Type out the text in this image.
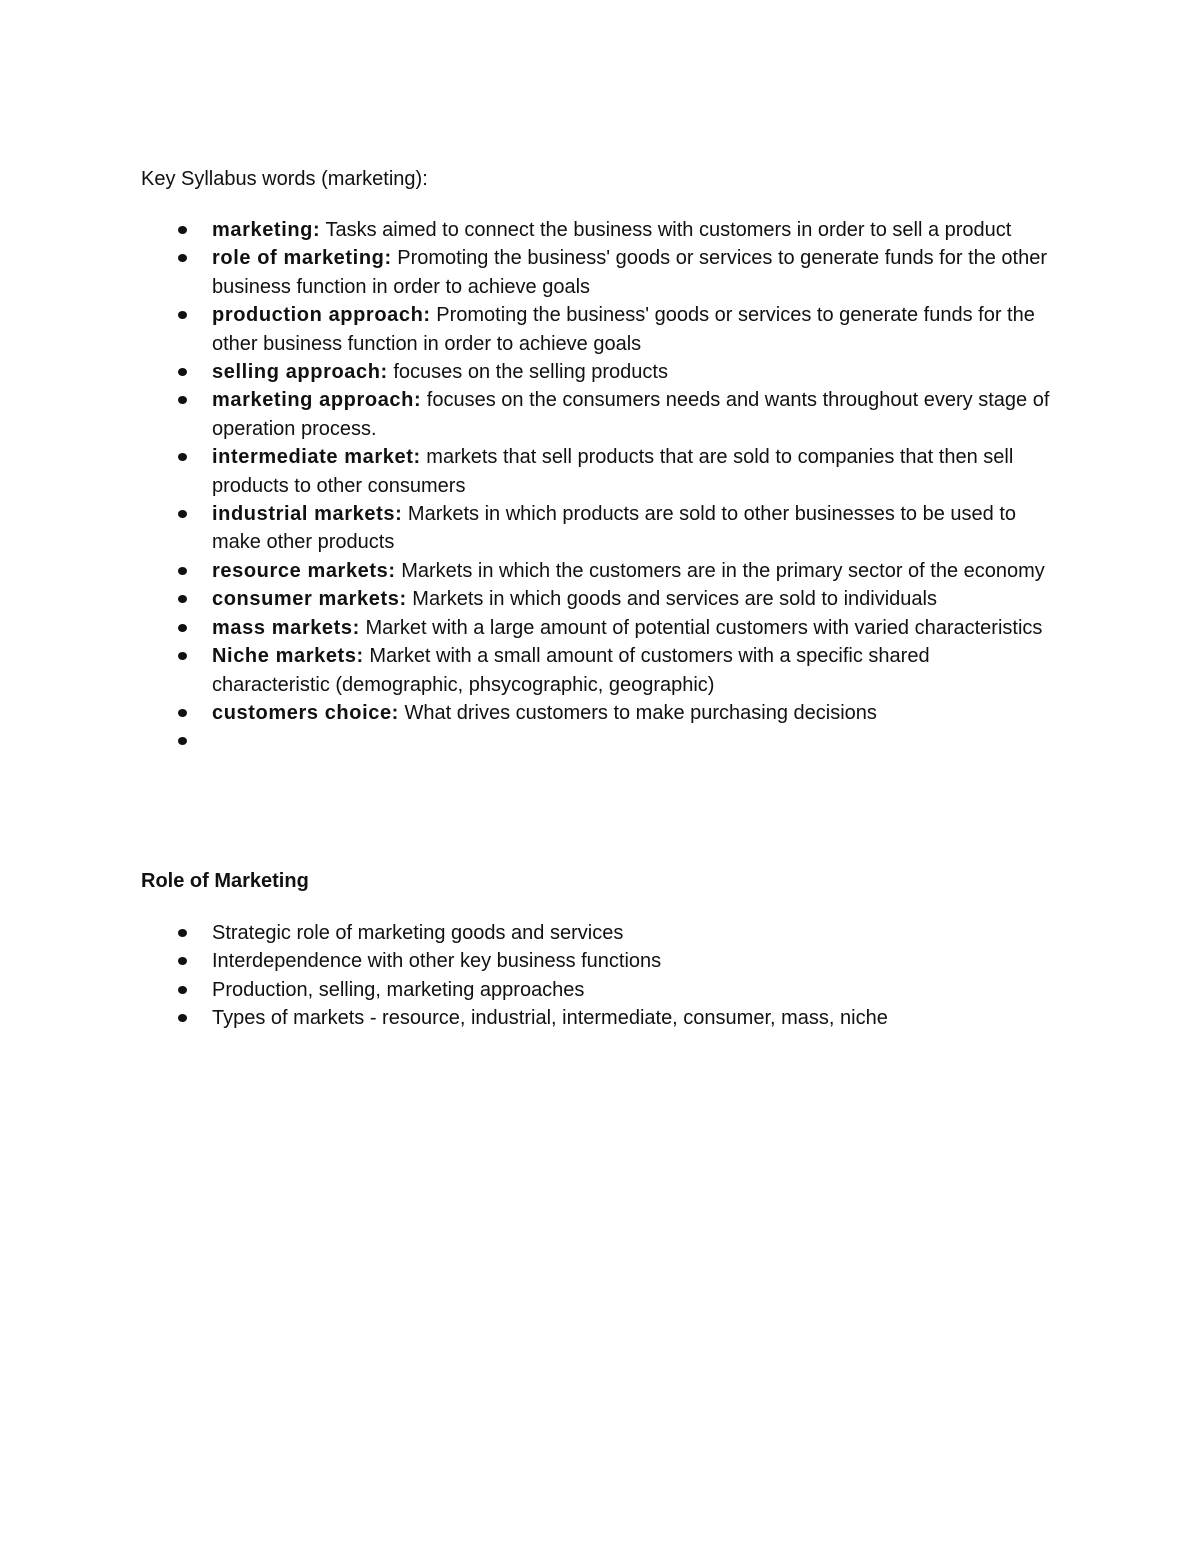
Key Syllabus words (marketing):

marketing: Tasks aimed to connect the business with customers in order to sell a product
role of marketing: Promoting the business' goods or services to generate funds for the other business function in order to achieve goals
production approach: Promoting the business' goods or services to generate funds for the other business function in order to achieve goals
selling approach: focuses on the selling products
marketing approach: focuses on the consumers needs and wants throughout every stage of operation process.
intermediate market: markets that sell products that are sold to companies that then sell products to other consumers
industrial markets: Markets in which products are sold to other businesses to be used to make other products
resource markets: Markets in which the customers are in the primary sector of the economy
consumer markets: Markets in which goods and services are sold to individuals
mass markets: Market with a large amount of potential customers with varied characteristics
Niche markets: Market with a small amount of customers with a specific shared characteristic (demographic, phsycographic, geographic)
customers choice: What drives customers to make purchasing decisions
Role of Marketing
Strategic role of marketing goods and services
Interdependence with other key business functions
Production, selling, marketing approaches
Types of markets - resource, industrial, intermediate, consumer, mass, niche
